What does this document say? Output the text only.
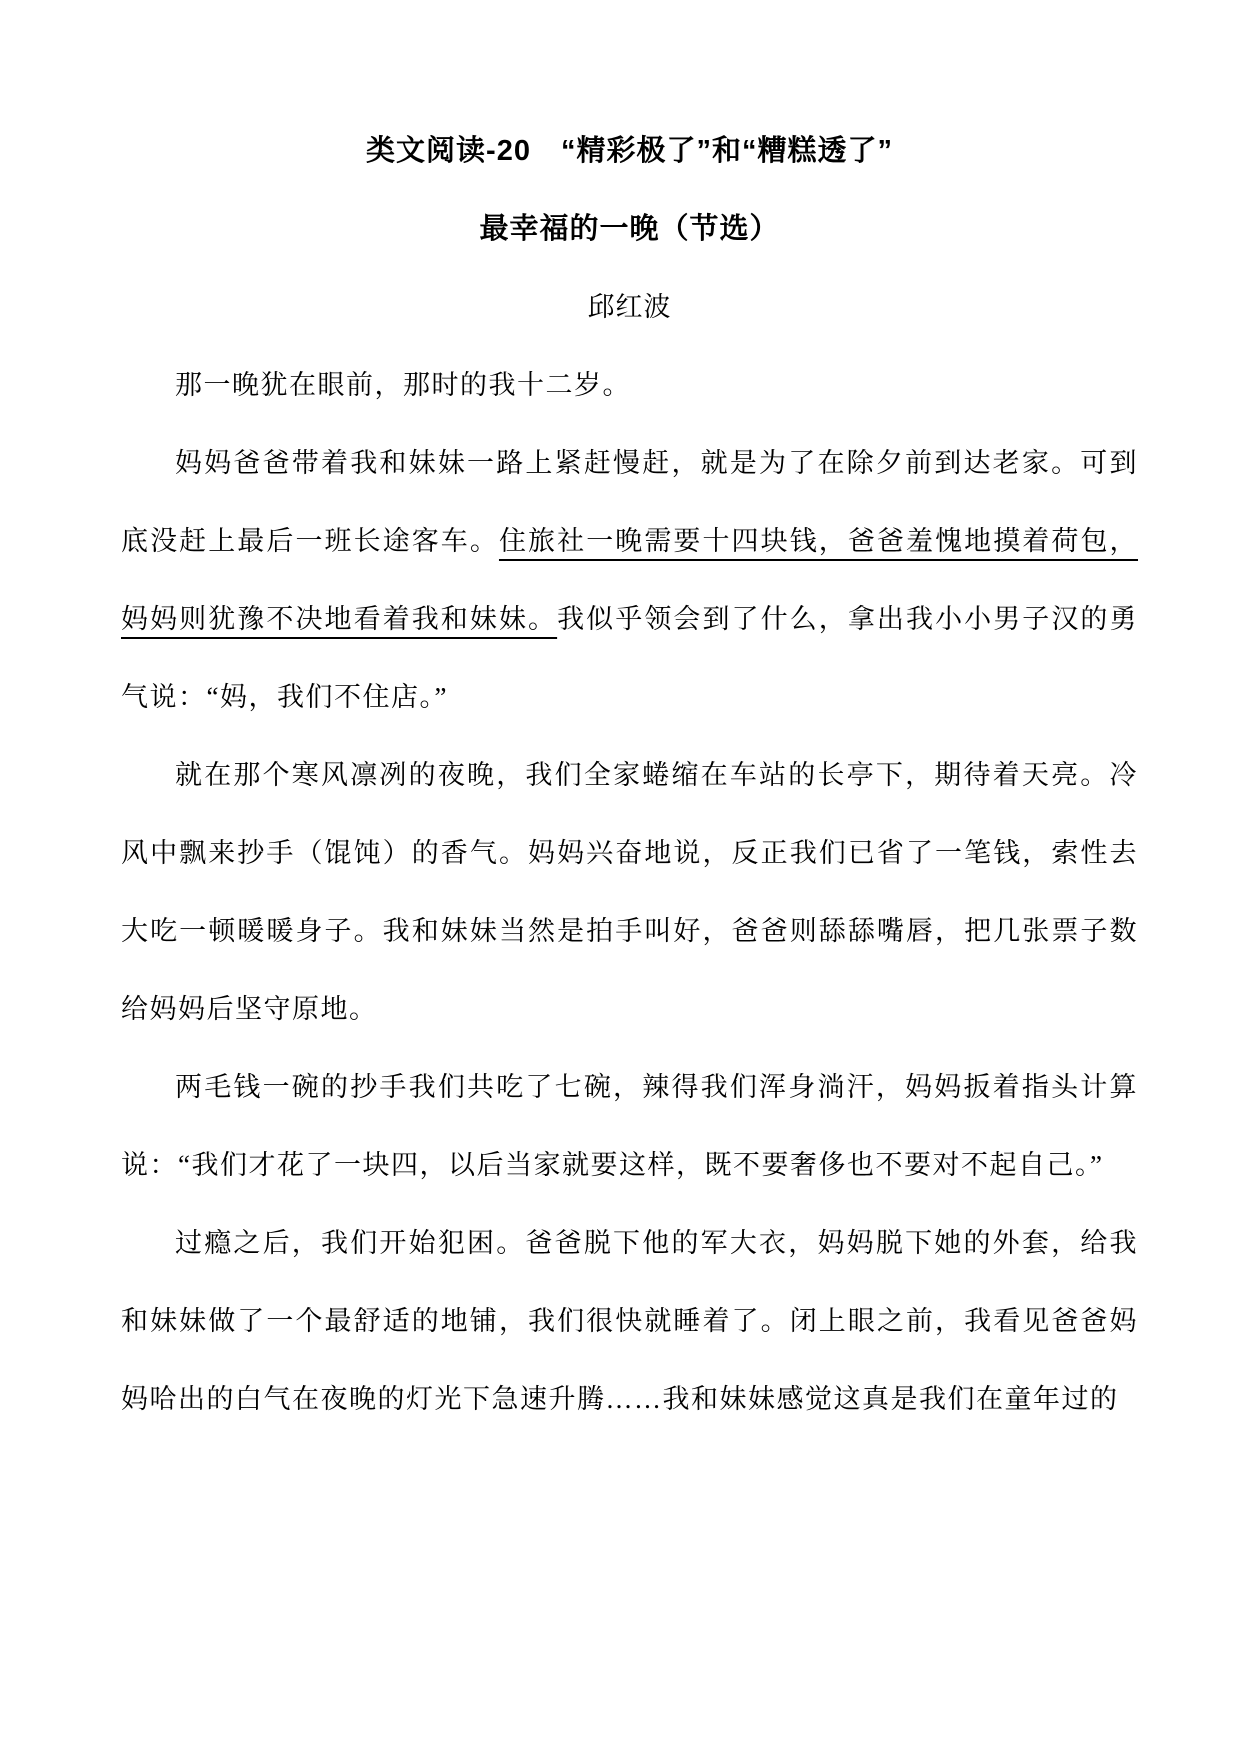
类文阅读-20　“精彩极了”和“糟糕透了”
最幸福的一晚（节选）
邱红波

那一晚犹在眼前，那时的我十二岁。

妈妈爸爸带着我和妹妹一路上紧赶慢赶，就是为了在除夕前到达老家。可到底没赶上最后一班长途客车。住旅社一晚需要十四块钱，爸爸羞愧地摸着荷包，妈妈则犹豫不决地看着我和妹妹。我似乎领会到了什么，拿出我小小男子汉的勇气说：“妈，我们不住店。”

就在那个寒风凛冽的夜晚，我们全家蜷缩在车站的长亭下，期待着天亮。冷风中飘来抄手（馄饨）的香气。妈妈兴奋地说，反正我们已省了一笔钱，索性去大吃一顿暖暖身子。我和妹妹当然是拍手叫好，爸爸则舔舔嘴唇，把几张票子数给妈妈后坚守原地。

两毛钱一碗的抄手我们共吃了七碗，辣得我们浑身淌汗，妈妈扳着指头计算说：“我们才花了一块四，以后当家就要这样，既不要奢侈也不要对不起自己。”

过瘾之后，我们开始犯困。爸爸脱下他的军大衣，妈妈脱下她的外套，给我和妹妹做了一个最舒适的地铺，我们很快就睡着了。闭上眼之前，我看见爸爸妈妈哈出的白气在夜晚的灯光下急速升腾……我和妹妹感觉这真是我们在童年过的
